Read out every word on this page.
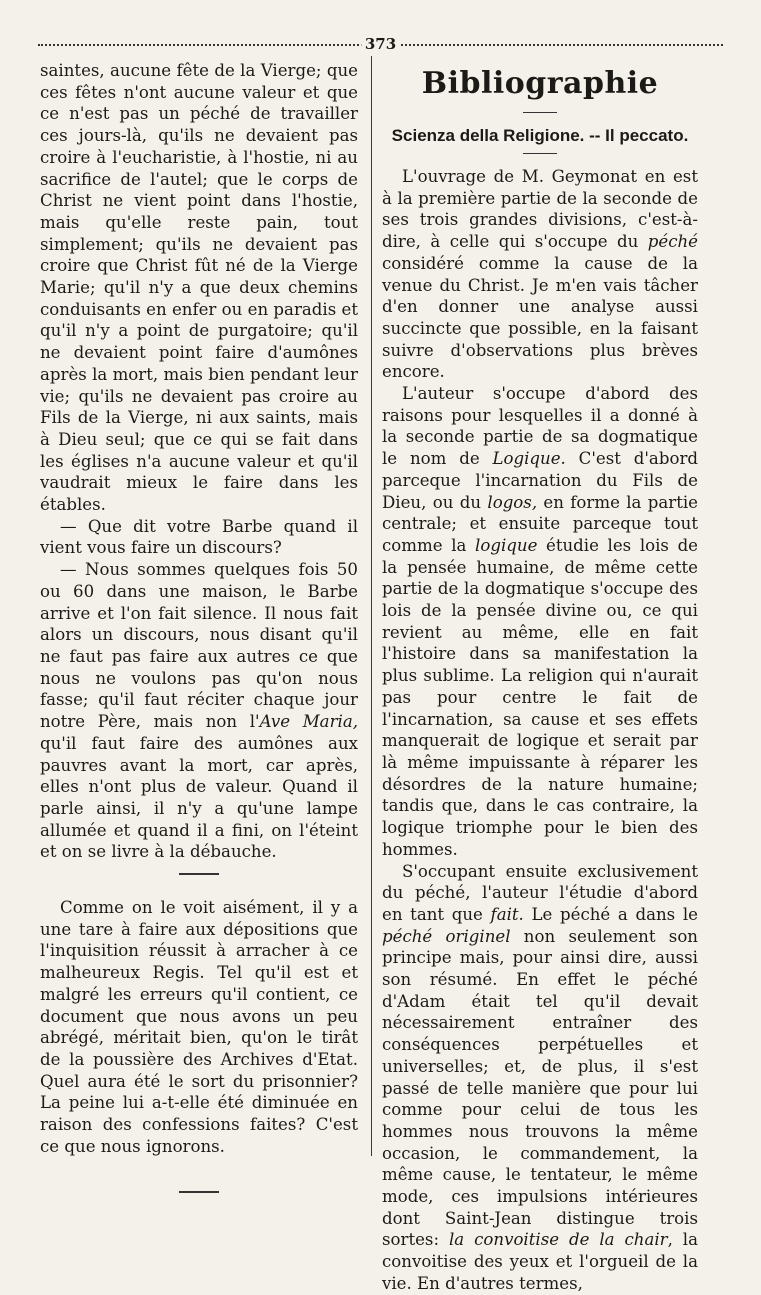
373

saintes, aucune fête de la Vierge; que ces fêtes n'ont aucune valeur et que ce n'est pas un péché de travailler ces jours-là, qu'ils ne devaient pas croire à l'eucharistie, à l'hostie, ni au sacrifice de l'autel; que le corps de Christ ne vient point dans l'hostie, mais qu'elle reste pain, tout simplement; qu'ils ne devaient pas croire que Christ fût né de la Vierge Marie; qu'il n'y a que deux chemins conduisants en enfer ou en paradis et qu'il n'y a point de purgatoire; qu'il ne devaient point faire d'aumônes après la mort, mais bien pendant leur vie; qu'ils ne devaient pas croire au Fils de la Vierge, ni aux saints, mais à Dieu seul; que ce qui se fait dans les églises n'a aucune valeur et qu'il vaudrait mieux le faire dans les étables.

— Que dit votre Barbe quand il vient vous faire un discours?

— Nous sommes quelques fois 50 ou 60 dans une maison, le Barbe arrive et l'on fait silence. Il nous fait alors un discours, nous disant qu'il ne faut pas faire aux autres ce que nous ne voulons pas qu'on nous fasse; qu'il faut réciter chaque jour notre Père, mais non l'Ave Maria, qu'il faut faire des aumônes aux pauvres avant la mort, car après, elles n'ont plus de valeur. Quand il parle ainsi, il n'y a qu'une lampe allumée et quand il a fini, on l'éteint et on se livre à la débauche.

Comme on le voit aisément, il y a une tare à faire aux dépositions que l'inquisition réussit à arracher à ce malheureux Regis. Tel qu'il est et malgré les erreurs qu'il contient, ce document que nous avons un peu abrégé, méritait bien, qu'on le tirât de la poussière des Archives d'Etat. Quel aura été le sort du prisonnier? La peine lui a-t-elle été diminuée en raison des confessions faites? C'est ce que nous ignorons.

Bibliographie
Scienza della Religione. -- Il peccato.

L'ouvrage de M. Geymonat en est à la première partie de la seconde de ses trois grandes divisions, c'est-à-dire, à celle qui s'occupe du péché considéré comme la cause de la venue du Christ. Je m'en vais tâcher d'en donner une analyse aussi succincte que possible, en la faisant suivre d'observations plus brèves encore.

L'auteur s'occupe d'abord des raisons pour lesquelles il a donné à la seconde partie de sa dogmatique le nom de Logique. C'est d'abord parceque l'incarnation du Fils de Dieu, ou du logos, en forme la partie centrale; et ensuite parceque tout comme la logique étudie les lois de la pensée humaine, de même cette partie de la dogmatique s'occupe des lois de la pensée divine ou, ce qui revient au même, elle en fait l'histoire dans sa manifestation la plus sublime. La religion qui n'aurait pas pour centre le fait de l'incarnation, sa cause et ses effets manquerait de logique et serait par là même impuissante à réparer les désordres de la nature humaine; tandis que, dans le cas contraire, la logique triomphe pour le bien des hommes.

S'occupant ensuite exclusivement du péché, l'auteur l'étudie d'abord en tant que fait. Le péché a dans le péché originel non seulement son principe mais, pour ainsi dire, aussi son résumé. En effet le péché d'Adam était tel qu'il devait nécessairement entraîner des conséquences perpétuelles et universelles; et, de plus, il s'est passé de telle manière que pour lui comme pour celui de tous les hommes nous trouvons la même occasion, le commandement, la même cause, le tentateur, le même mode, ces impulsions intérieures dont Saint-Jean distingue trois sortes: la convoitise de la chair, la convoitise des yeux et l'orgueil de la vie. En d'autres termes,
